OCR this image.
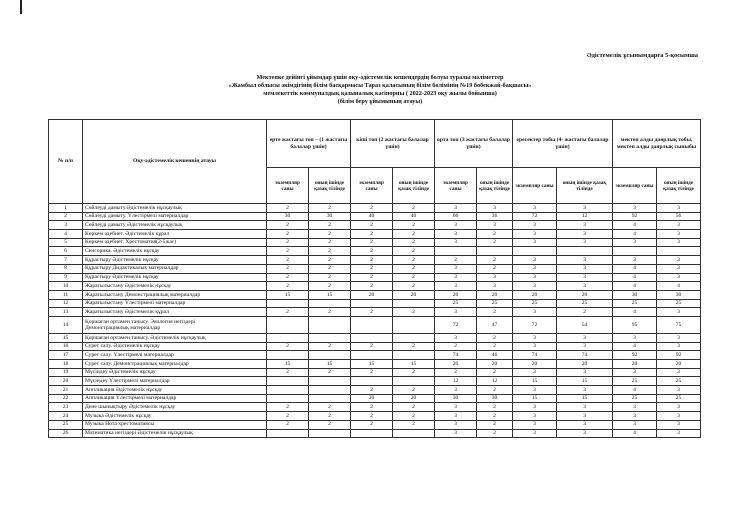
Әдістемелік ұсынымдарға 5-қосымша
Мектепке дейінгі ұйымдар үшін оқу-әдістемелік кешендердің болуы туралы мәліметтер
«Жамбыл облысы әкімдігінің білім басқармасы Тараз қаласының білім бөлімінің №19 бөбекжай-бақшасы»
мемлекеттік коммуналдық қазыналық кәсіпорны ( 2022-2023 оқу жылы бойынша)
(білім беру ұйымының атауы)
№ п/п	Оқу-әдістемелік кешеннің атауы	ерте жастағы топ – (1 жастағы балалар үшін)		кіші топ (2 жастағы балалар үшін)		орта топ (3 жастағы балалар үшін)		ересектер тобы (4- жастағы балалар үшін)		мектеп алды даярлық тобы, мектеп алды даярлық сыныбы	
		экземпляр саны	оның ішінде қазақ тілінде	экземпляр саны	оның ішінде қазақ тілінде	экземпляр саны	оның ішінде қазақ тілінде	экземпляр саны	оның ішінде қазақ тілінде	экземпляр саны	оның ішінде қазақ тілінде
1	Сөйлеуді дамыту.Әдістемелік нұсқаулық	2	2	2	2	3	3	3	3	3	3
2	Сөйлеуді дамыту. Үлестірмелі материалдар	30	30	40	40	66	36	72	12	92	56
3	Сөйлеуді дамыту Әдістемелік нұсқаулық	2	2	2	2	3	3	3	3	4	3
4	Көркем әдебиет. Әдістемелік құрал	2	2	2	2	3	2	3	3	4	3
5	Көркем әдебиет. Хрестоматия(2-5жас)	2	2	2	2	3	2	3	3	3	3
6	Сенсорика. Әдістемелік нұсқау	2	2	2	2						
7	Құрастыру Әдістемелік нұсқау	2	2	2	2	2	2	3	3	3	3
8	Құрастыру Дидактикалық материалдар	2	2	2	2	3	2	3	3	4	3
9	Құрастыру Әдістемелік нұсқау	2	2	2	2	3	3	3	3	4	3
10	Жаратылыстану Әдістемелік нұсқау	2	2	2	2	3	3	3	3	4	4
11	Жаратылыстану Демонстрациялық материалдар	15	15	20	20	20	20	20	20	30	30
12	Жаратылыстану Үлестірмелі материалдар					25	25	25	25	25	25
13	Жаратылыстану Әдістемелік құрал	2	2	2	2	3	2	3	2	4	3
14	Қоршаған ортамен танысу. Экология негіздері
Демонстрациялық материалдар					72	47	72	54	95	75
15	Қоршаған ортамен танысу. Әдістемелік нұсқаулық					3	2	3	3	3	3
16	Сурет салу. Әдістемелік нұсқау	2	2	2	2	2	2	3	3	4	3
17	Сурет салу. Үлестірмелі материалдар					74	46	74	74	92	92
18	Сурет салу. Демонстрациялық материалдар	15	15	15	15	20	20	20	20	20	20
19	Мүсіндеу Әдістемелік нұсқау	2	2	2	2	2	2	3	3	3	3
20	Мүсіндеу Үлестірмелі материалдар					12	12	15	15	25	25
21	Аппликация Әдістемелік нұсқау			2	2	3	2	3	3	4	3
22	Аппликация Үлестірмелі материалдар			20	20	30	30	15	15	25	25
23	Дене шынықтыру Әдістемелік нұсқау	2	2	2	2	3	2	3	3	3	3
24	Музыка Әдістемелік нұсқау	2	2	2	2	3	2	3	3	3	3
25	Музыка Нота хрестоматиясы	2	2	2	2	3	2	3	3	3	3
26	Математика негіздері Әдістемелік нұсқаулық					3	2	3	3	4	3
